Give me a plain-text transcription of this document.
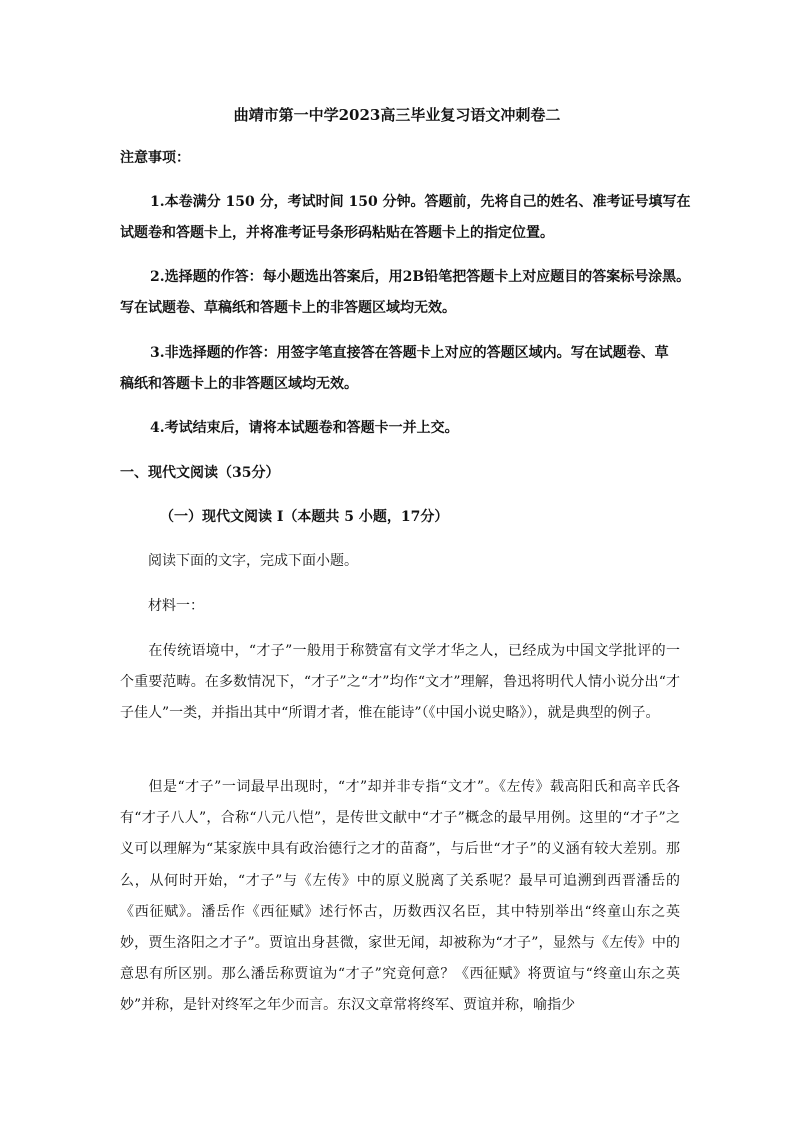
曲靖市第一中学2023高三毕业复习语文冲刺卷二
注意事项：
1.本卷满分 150 分，考试时间 150 分钟。答题前，先将自己的姓名、准考证号填写在
试题卷和答题卡上，并将准考证号条形码粘贴在答题卡上的指定位置。
2.选择题的作答：每小题选出答案后，用2B铅笔把答题卡上对应题目的答案标号涂黑。
写在试题卷、草稿纸和答题卡上的非答题区域均无效。
3.非选择题的作答：用签字笔直接答在答题卡上对应的答题区域内。写在试题卷、草
稿纸和答题卡上的非答题区域均无效。
4.考试结束后，请将本试题卷和答题卡一并上交。
一、现代文阅读（35分）
（一）现代文阅读 I（本题共 5 小题，17分）
阅读下面的文字，完成下面小题。
材料一：
在传统语境中，“才子”一般用于称赞富有文学才华之人，已经成为中国文学批评的一个重要范畴。在多数情况下，“才子”之“才”均作“文才”理解，鲁迅将明代人情小说分出“才子佳人”一类，并指出其中“所谓才者，惟在能诗”（《中国小说史略》），就是典型的例子。
但是“才子”一词最早出现时，“才”却并非专指“文才”。《左传》载高阳氏和高辛氏各有“才子八人”，合称“八元八恺”，是传世文献中“才子”概念的最早用例。这里的“才子”之义可以理解为“某家族中具有政治德行之才的苗裔”，与后世“才子”的义涵有较大差别。那么，从何时开始，“才子”与《左传》中的原义脱离了关系呢？最早可追溯到西晋潘岳的《西征赋》。潘岳作《西征赋》述行怀古，历数西汉名臣，其中特别举出“终童山东之英妙，贾生洛阳之才子”。贾谊出身甚微，家世无闻，却被称为“才子”，显然与《左传》中的意思有所区别。那么潘岳称贾谊为“才子”究竟何意？《西征赋》将贾谊与“终童山东之英妙”并称，是针对终军之年少而言。东汉文章常将终军、贾谊并称，喻指少
